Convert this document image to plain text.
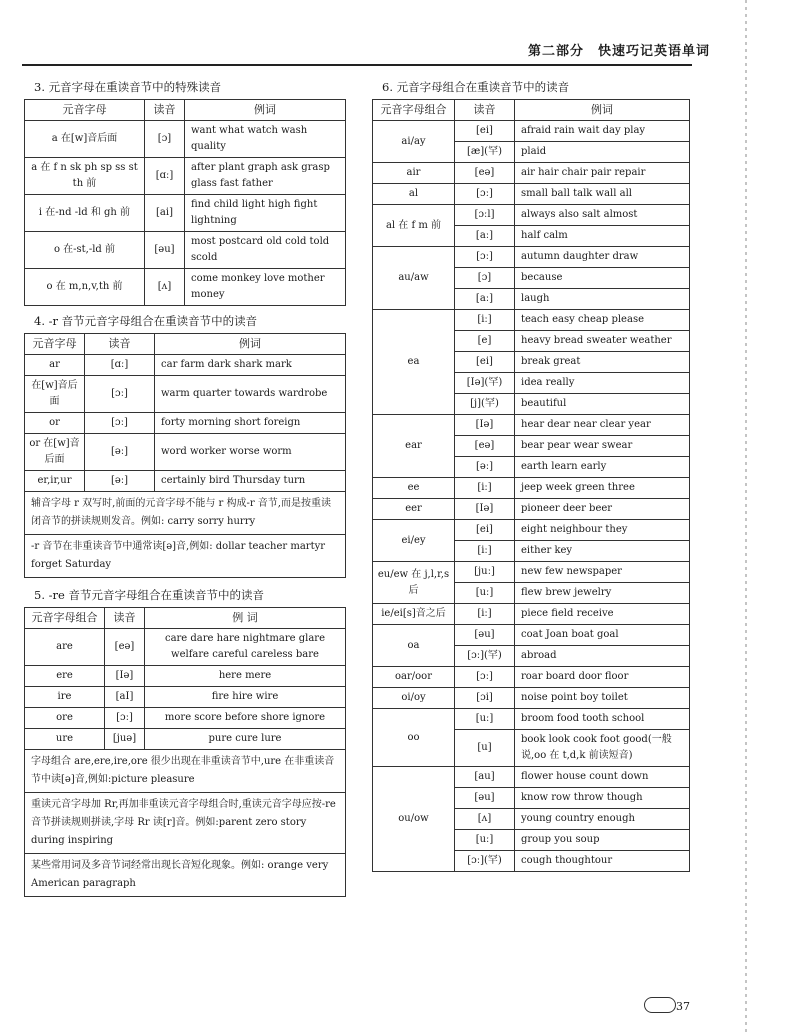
第二部分　快速巧记英语单词
3. 元音字母在重读音节中的特殊读音
元音字母	读音	例词
a 在[w]音后面	[ɔ]	want what watch wash quality
a 在 f n sk ph sp ss st th 前	[ɑː]	after plant graph ask grasp glass fast father
i 在-nd -ld 和 gh 前	[ai]	find child light high fight lightning
o 在-st,-ld 前	[əu]	most postcard old cold told scold
o 在 m,n,v,th 前	[ʌ]	come monkey love mother money
4. -r 音节元音字母组合在重读音节中的读音
元音字母	读音	例词
ar	[ɑː]	car farm dark shark mark
在[w]音后面	[ɔː]	warm quarter towards wardrobe
or	[ɔː]	forty morning short foreign
or 在[w]音后面	[əː]	word worker worse worm
er,ir,ur	[əː]	certainly bird Thursday turn
辅音字母 r 双写时,前面的元音字母不能与 r 构成-r 音节,而是按重读闭音节的拼读规则发音。例如: carry sorry hurry
-r 音节在非重读音节中通常读[ə]音,例如: dollar teacher martyr forget Saturday
5. -re 音节元音字母组合在重读音节中的读音
元音字母组合	读音	例 词
are	[eə]	care dare hare nightmare glare welfare careful careless bare
ere	[Iə]	here mere
ire	[aI]	fire hire wire
ore	[ɔː]	more score before shore ignore
ure	[juə]	pure cure lure
字母组合 are,ere,ire,ore 很少出现在非重读音节中,ure 在非重读音节中读[ə]音,例如:picture pleasure
重读元音字母加 Rr,再加非重读元音字母组合时,重读元音字母应按-re 音节拼读规则拼读,字母 Rr 读[r]音。例如:parent zero story during inspiring
某些常用词及多音节词经常出现长音短化现象。例如: orange very American paragraph
6. 元音字母组合在重读音节中的读音
元音字母组合	读音	例词
ai/ay	[ei]	afraid rain wait day play
	[æ](罕)	plaid
air	[eə]	air hair chair pair repair
al	[ɔː]	small ball talk wall all
al 在 f m 前	[ɔːl]	always also salt almost
	[aː]	half calm
au/aw	[ɔː]	autumn daughter draw
	[ɔ]	because
	[aː]	laugh
ea	[iː]	teach easy cheap please
	[e]	heavy bread sweater weather
	[ei]	break great
	[Iə](罕)	idea really
	[j](罕)	beautiful
ear	[Iə]	hear dear near clear year
	[eə]	bear pear wear swear
	[əː]	earth learn early
ee	[iː]	jeep week green three
eer	[Iə]	pioneer deer beer
ei/ey	[ei]	eight neighbour they
	[iː]	either key
eu/ew 在 j,l,r,s 后	[juː]	new few newspaper
	[uː]	flew brew jewelry
ie/ei[s]音之后	[iː]	piece field receive
oa	[əu]	coat Joan boat goal
	[ɔː](罕)	abroad
oar/oor	[ɔː]	roar board door floor
oi/oy	[ɔi]	noise point boy toilet
oo	[uː]	broom food tooth school
	[u]	book look cook foot good(一般说,oo 在 t,d,k 前读短音)
ou/ow	[au]	flower house count down
	[əu]	know row throw though
	[ʌ]	young country enough
	[uː]	group you soup
	[ɔː](罕)	cough thoughtour
37
